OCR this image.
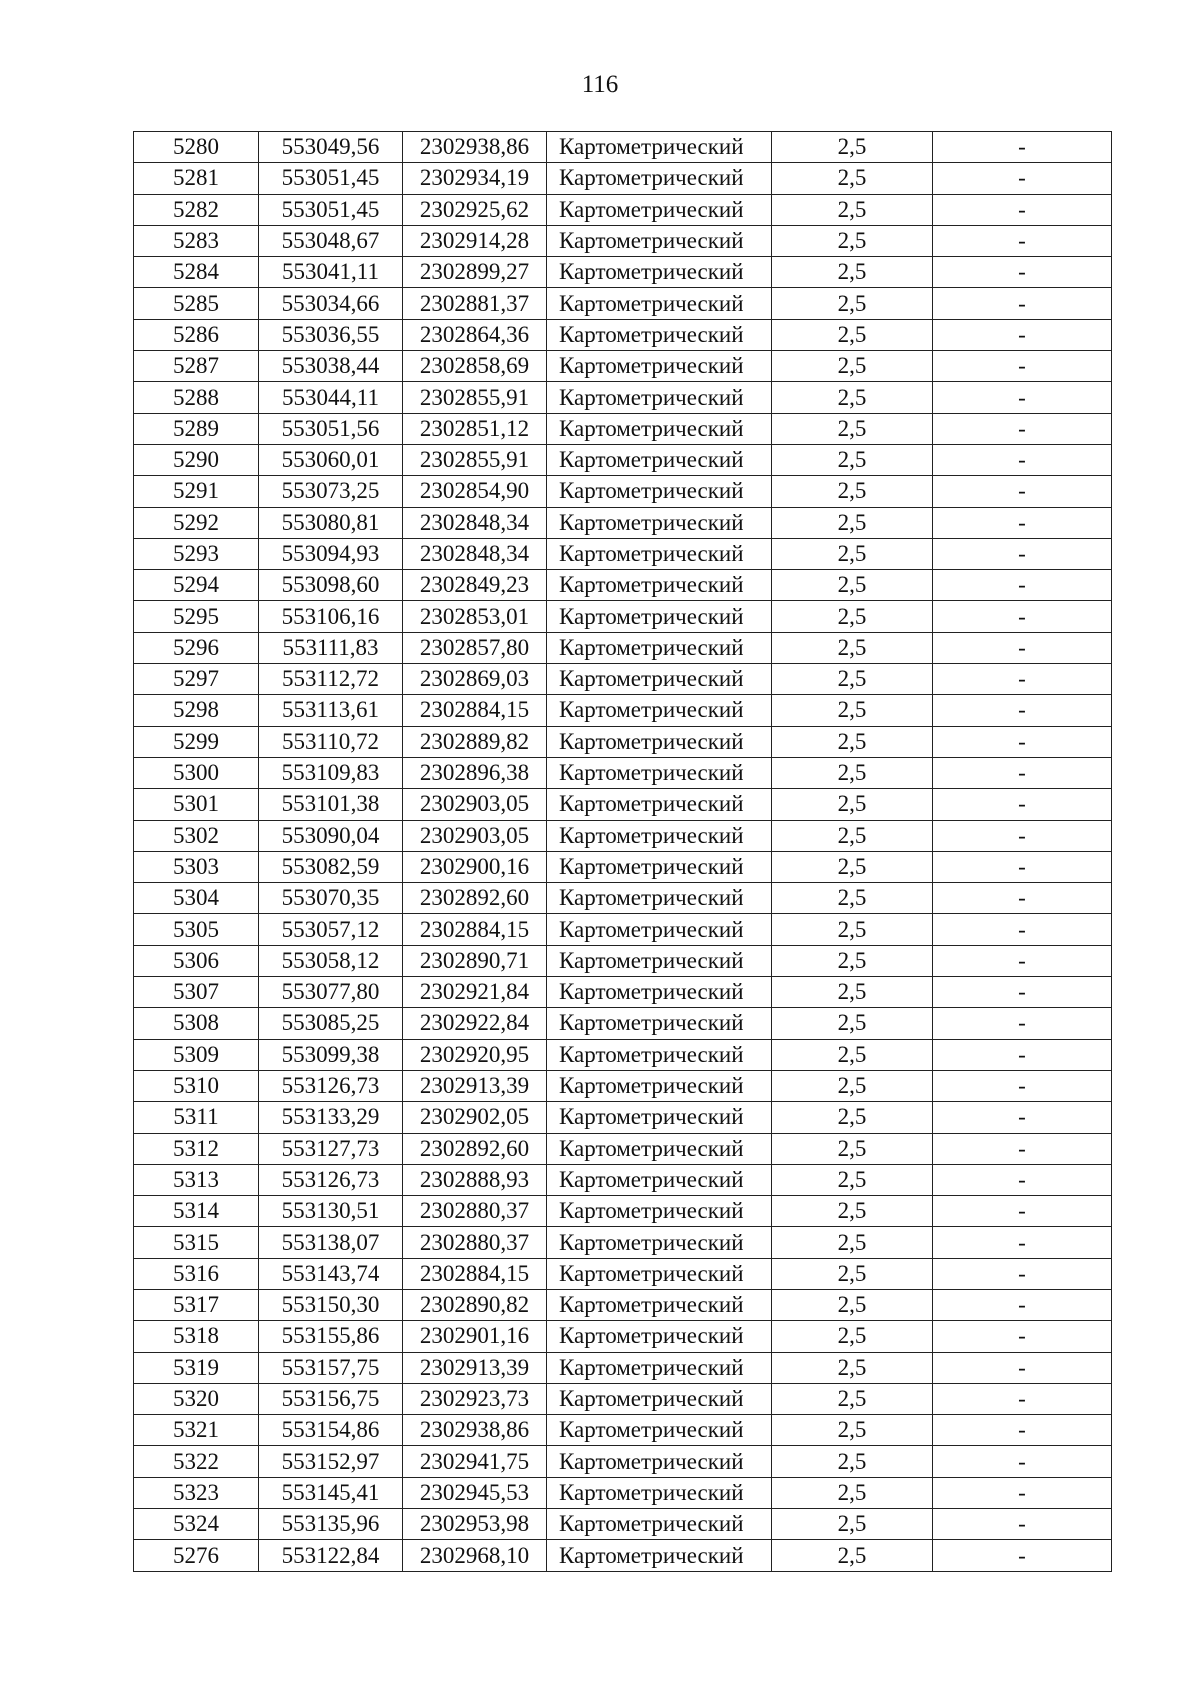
116
5280	553049,56	2302938,86	Картометрический	2,5	-
5281	553051,45	2302934,19	Картометрический	2,5	-
5282	553051,45	2302925,62	Картометрический	2,5	-
5283	553048,67	2302914,28	Картометрический	2,5	-
5284	553041,11	2302899,27	Картометрический	2,5	-
5285	553034,66	2302881,37	Картометрический	2,5	-
5286	553036,55	2302864,36	Картометрический	2,5	-
5287	553038,44	2302858,69	Картометрический	2,5	-
5288	553044,11	2302855,91	Картометрический	2,5	-
5289	553051,56	2302851,12	Картометрический	2,5	-
5290	553060,01	2302855,91	Картометрический	2,5	-
5291	553073,25	2302854,90	Картометрический	2,5	-
5292	553080,81	2302848,34	Картометрический	2,5	-
5293	553094,93	2302848,34	Картометрический	2,5	-
5294	553098,60	2302849,23	Картометрический	2,5	-
5295	553106,16	2302853,01	Картометрический	2,5	-
5296	553111,83	2302857,80	Картометрический	2,5	-
5297	553112,72	2302869,03	Картометрический	2,5	-
5298	553113,61	2302884,15	Картометрический	2,5	-
5299	553110,72	2302889,82	Картометрический	2,5	-
5300	553109,83	2302896,38	Картометрический	2,5	-
5301	553101,38	2302903,05	Картометрический	2,5	-
5302	553090,04	2302903,05	Картометрический	2,5	-
5303	553082,59	2302900,16	Картометрический	2,5	-
5304	553070,35	2302892,60	Картометрический	2,5	-
5305	553057,12	2302884,15	Картометрический	2,5	-
5306	553058,12	2302890,71	Картометрический	2,5	-
5307	553077,80	2302921,84	Картометрический	2,5	-
5308	553085,25	2302922,84	Картометрический	2,5	-
5309	553099,38	2302920,95	Картометрический	2,5	-
5310	553126,73	2302913,39	Картометрический	2,5	-
5311	553133,29	2302902,05	Картометрический	2,5	-
5312	553127,73	2302892,60	Картометрический	2,5	-
5313	553126,73	2302888,93	Картометрический	2,5	-
5314	553130,51	2302880,37	Картометрический	2,5	-
5315	553138,07	2302880,37	Картометрический	2,5	-
5316	553143,74	2302884,15	Картометрический	2,5	-
5317	553150,30	2302890,82	Картометрический	2,5	-
5318	553155,86	2302901,16	Картометрический	2,5	-
5319	553157,75	2302913,39	Картометрический	2,5	-
5320	553156,75	2302923,73	Картометрический	2,5	-
5321	553154,86	2302938,86	Картометрический	2,5	-
5322	553152,97	2302941,75	Картометрический	2,5	-
5323	553145,41	2302945,53	Картометрический	2,5	-
5324	553135,96	2302953,98	Картометрический	2,5	-
5276	553122,84	2302968,10	Картометрический	2,5	-
